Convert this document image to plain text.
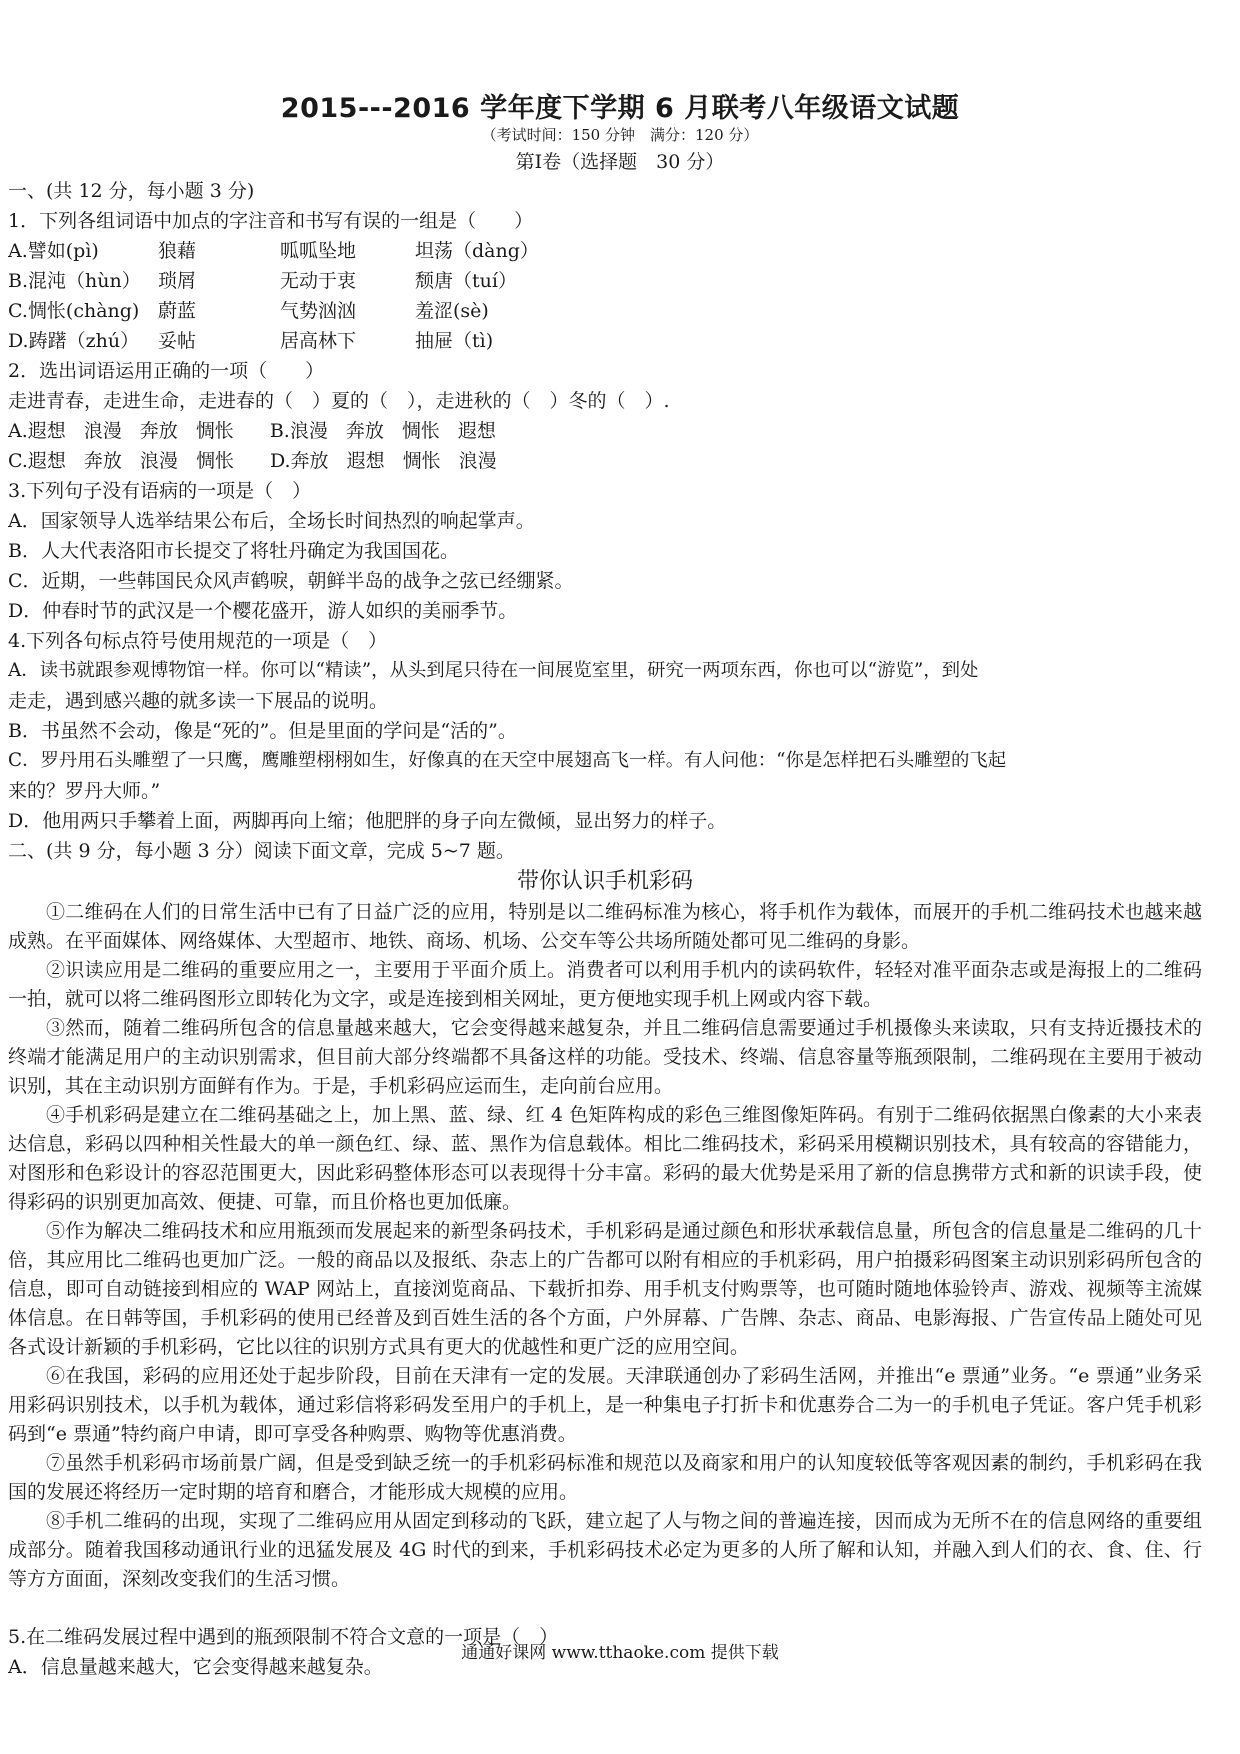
2015---2016 学年度下学期 6 月联考八年级语文试题
（考试时间：150 分钟　满分：120 分）
第Ⅰ卷（选择题　30 分）
一、(共 12 分，每小题 3 分)
1．下列各组词语中加点的字注音和书写有误的一组是（　　）
A.譬如(pì)	狼藉	呱呱坠地	坦荡（dàng）
B.混沌（hùn） 琐屑	无动于衷	颓唐（tuí）
C.惆怅(chàng) 蔚蓝	气势汹汹	羞涩(sè)
D.踌躇（zhú） 妥帖	居高林下	抽屉（tì)
2．选出词语运用正确的一项（　　）
走进青春，走进生命，走进春的（　）夏的（　），走进秋的（　）冬的（　）.
A.遐想 浪漫 奔放 惆怅 B.浪漫 奔放 惆怅 遐想
C.遐想 奔放 浪漫 惆怅 D.奔放 遐想 惆怅 浪漫
3.下列句子没有语病的一项是（　）
A．国家领导人选举结果公布后，全场长时间热烈的响起掌声。
B．人大代表洛阳市长提交了将牡丹确定为我国国花。
C．近期，一些韩国民众风声鹤唳，朝鲜半岛的战争之弦已经绷紧。
D．仲春时节的武汉是一个樱花盛开，游人如织的美丽季节。
4.下列各句标点符号使用规范的一项是（　）
A．读书就跟参观博物馆一样。你可以“精读”，从头到尾只待在一间展览室里，研究一两项东西，你也可以“游览”，到处
走走，遇到感兴趣的就多读一下展品的说明。
B．书虽然不会动，像是“死的”。但是里面的学问是“活的”。
C．罗丹用石头雕塑了一只鹰，鹰雕塑栩栩如生，好像真的在天空中展翅高飞一样。有人问他：“你是怎样把石头雕塑的飞起
来的？罗丹大师。”
D．他用两只手攀着上面，两脚再向上缩；他肥胖的身子向左微倾，显出努力的样子。
二、(共 9 分，每小题 3 分）阅读下面文章，完成 5~7 题。
带你认识手机彩码

①二维码在人们的日常生活中已有了日益广泛的应用，特别是以二维码标准为核心，将手机作为载体，而展开的手机二维码技术也越来越成熟。在平面媒体、网络媒体、大型超市、地铁、商场、机场、公交车等公共场所随处都可见二维码的身影。

②识读应用是二维码的重要应用之一，主要用于平面介质上。消费者可以利用手机内的读码软件，轻轻对准平面杂志或是海报上的二维码一拍，就可以将二维码图形立即转化为文字，或是连接到相关网址，更方便地实现手机上网或内容下载。

③然而，随着二维码所包含的信息量越来越大，它会变得越来越复杂，并且二维码信息需要通过手机摄像头来读取，只有支持近摄技术的终端才能满足用户的主动识别需求，但目前大部分终端都不具备这样的功能。受技术、终端、信息容量等瓶颈限制，二维码现在主要用于被动识别，其在主动识别方面鲜有作为。于是，手机彩码应运而生，走向前台应用。

④手机彩码是建立在二维码基础之上，加上黑、蓝、绿、红 4 色矩阵构成的彩色三维图像矩阵码。有别于二维码依据黑白像素的大小来表达信息，彩码以四种相关性最大的单一颜色红、绿、蓝、黑作为信息载体。相比二维码技术，彩码采用模糊识别技术，具有较高的容错能力，对图形和色彩设计的容忍范围更大，因此彩码整体形态可以表现得十分丰富。彩码的最大优势是采用了新的信息携带方式和新的识读手段，使得彩码的识别更加高效、便捷、可靠，而且价格也更加低廉。

⑤作为解决二维码技术和应用瓶颈而发展起来的新型条码技术，手机彩码是通过颜色和形状承载信息量，所包含的信息量是二维码的几十倍，其应用比二维码也更加广泛。一般的商品以及报纸、杂志上的广告都可以附有相应的手机彩码，用户拍摄彩码图案主动识别彩码所包含的信息，即可自动链接到相应的 WAP 网站上，直接浏览商品、下载折扣券、用手机支付购票等，也可随时随地体验铃声、游戏、视频等主流媒体信息。在日韩等国，手机彩码的使用已经普及到百姓生活的各个方面，户外屏幕、广告牌、杂志、商品、电影海报、广告宣传品上随处可见各式设计新颖的手机彩码，它比以往的识别方式具有更大的优越性和更广泛的应用空间。

⑥在我国，彩码的应用还处于起步阶段，目前在天津有一定的发展。天津联通创办了彩码生活网，并推出“e 票通”业务。“e 票通”业务采用彩码识别技术，以手机为载体，通过彩信将彩码发至用户的手机上，是一种集电子打折卡和优惠券合二为一的手机电子凭证。客户凭手机彩码到“e 票通”特约商户申请，即可享受各种购票、购物等优惠消费。

⑦虽然手机彩码市场前景广阔，但是受到缺乏统一的手机彩码标准和规范以及商家和用户的认知度较低等客观因素的制约，手机彩码在我国的发展还将经历一定时期的培育和磨合，才能形成大规模的应用。

⑧手机二维码的出现，实现了二维码应用从固定到移动的飞跃，建立起了人与物之间的普遍连接，因而成为无所不在的信息网络的重要组成部分。随着我国移动通讯行业的迅猛发展及 4G 时代的到来，手机彩码技术必定为更多的人所了解和认知，并融入到人们的衣、食、住、行等方方面面，深刻改变我们的生活习惯。

5.在二维码发展过程中遇到的瓶颈限制不符合文意的一项是（　）
A．信息量越来越大，它会变得越来越复杂。
通通好课网 www.tthaoke.com 提供下载
